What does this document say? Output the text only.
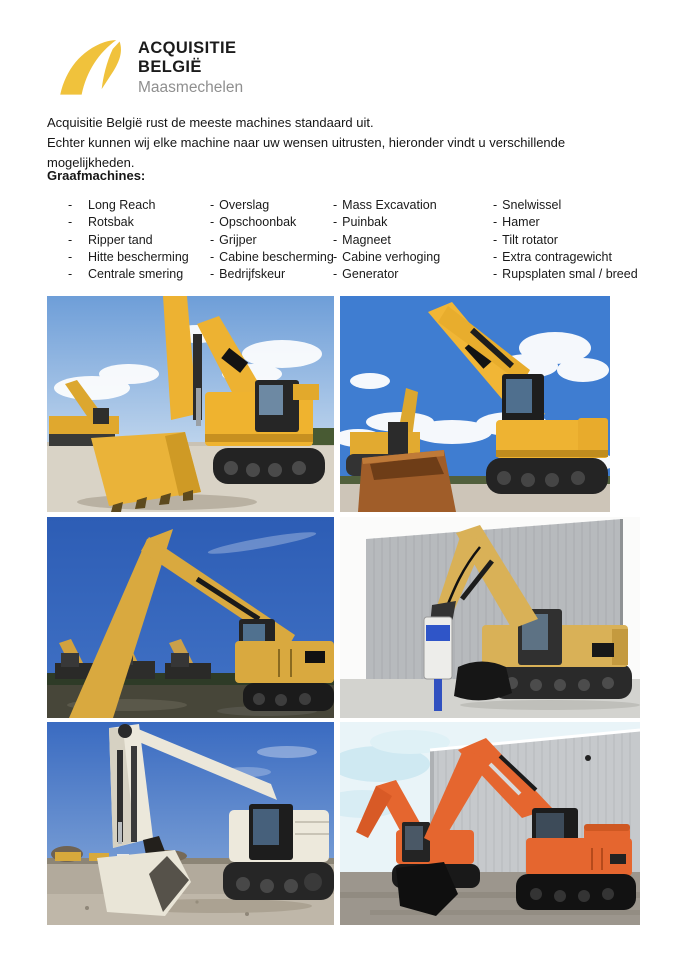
ACQUISITIE
BELGIË
Maasmechelen
Acquisitie België rust de meeste machines standaard uit.
Echter kunnen wij elke machine naar uw wensen uitrusten, hieronder vindt u verschillende mogelijkheden.
Graafmachines:
-	Long Reach
-	Rotsbak
-	Ripper tand
-	Hitte bescherming
-	Centrale smering
- Overslag
- Opschoonbak
- Grijper
- Cabine bescherming
- Bedrijfskeur
- Mass Excavation
- Puinbak
- Magneet
- Cabine verhoging
- Generator
- Snelwissel
- Hamer
- Tilt rotator
- Extra contragewicht
- Rupsplaten smal / breed
